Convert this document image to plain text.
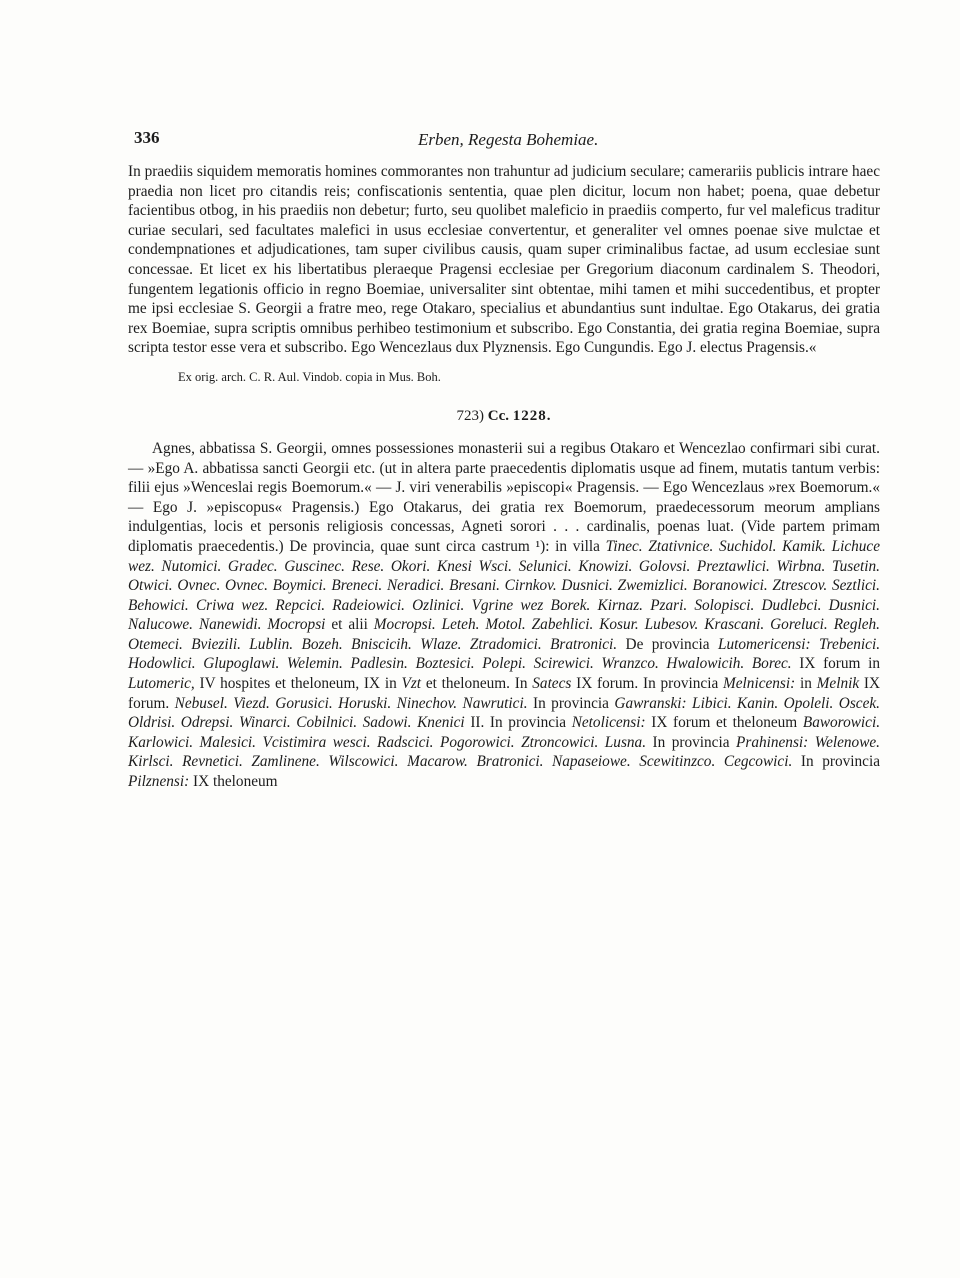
336	Erben, Regesta Bohemiae.

In praediis siquidem memoratis homines commorantes non trahuntur ad judicium seculare; camerariis publicis intrare haec praedia non licet pro citandis reis; confiscationis sententia, quae plen dicitur, locum non habet; poena, quae debetur facientibus otbog, in his praediis non debetur; furto, seu quolibet maleficio in praediis comperto, fur vel maleficus traditur curiae seculari, sed facultates malefici in usus ecclesiae convertentur, et generaliter vel omnes poenae sive mulctae et condempnationes et adjudicationes, tam super civilibus causis, quam super criminalibus factae, ad usum ecclesiae sunt concessae. Et licet ex his libertatibus pleraeque Pragensi ecclesiae per Gregorium diaconum cardinalem S. Theodori, fungentem legationis officio in regno Boemiae, universaliter sint obtentae, mihi tamen et mihi succedentibus, et propter me ipsi ecclesiae S. Georgii a fratre meo, rege Otakaro, specialius et abundantius sunt indultae. Ego Otakarus, dei gratia rex Boemiae, supra scriptis omnibus perhibeo testimonium et subscribo. Ego Constantia, dei gratia regina Boemiae, supra scripta testor esse vera et subscribo. Ego Wencezlaus dux Plyznensis. Ego Cungundis. Ego J. electus Pragensis.«

Ex orig. arch. C. R. Aul. Vindob. copia in Mus. Boh.
723) Cc. 1228.

Agnes, abbatissa S. Georgii, omnes possessiones monasterii sui a regibus Otakaro et Wencezlao confirmari sibi curat. — »Ego A. abbatissa sancti Georgii etc. (ut in altera parte praecedentis diplomatis usque ad finem, mutatis tantum verbis: filii ejus »Wenceslai regis Boemorum.« — J. viri venerabilis »episcopi« Pragensis. — Ego Wencezlaus »rex Boemorum.« — Ego J. »episcopus« Pragensis.) Ego Otakarus, dei gratia rex Boemorum, praedecessorum meorum amplians indulgentias, locis et personis religiosis concessas, Agneti sorori . . . cardinalis, poenas luat. (Vide partem primam diplomatis praecedentis.) De provincia, quae sunt circa castrum ¹): in villa Tinec. Ztativnice. Suchidol. Kamik. Lichuce wez. Nutomici. Gradec. Guscinec. Rese. Okori. Knesi Wsci. Selunici. Knowizi. Golovsi. Preztawlici. Wirbna. Tusetin. Otwici. Ovnec. Ovnec. Boymici. Breneci. Neradici. Bresani. Cirnkov. Dusnici. Zwemizlici. Boranowici. Ztrescov. Seztlici. Behowici. Criwa wez. Repcici. Radeiowici. Ozlinici. Vgrine wez Borek. Kirnaz. Pzari. Solopisci. Dudlebci. Dusnici. Nalucowe. Nanewidi. Mocropsi et alii Mocropsi. Leteh. Motol. Zabehlici. Kosur. Lubesov. Krascani. Goreluci. Regleh. Otemeci. Bviezili. Lublin. Bozeh. Bniscicih. Wlaze. Ztradomici. Bratronici. De provincia Lutomericensi: Trebenici. Hodowlici. Glupoglawi. Welemin. Padlesin. Boztesici. Polepi. Scirewici. Wranzco. Hwalowicih. Borec. IX forum in Lutomeric, IV hospites et theloneum, IX in Vzt et theloneum. In Satecs IX forum. In provincia Melnicensi: in Melnik IX forum. Nebusel. Viezd. Gorusici. Horuski. Ninechov. Nawrutici. In provincia Gawranski: Libici. Kanin. Opoleli. Oscek. Oldrisi. Odrepsi. Winarci. Cobilnici. Sadowi. Knenici II. In provincia Netolicensi: IX forum et theloneum Baworowici. Karlowici. Malesici. Vcistimira wesci. Radscici. Pogorowici. Ztroncowici. Lusna. In provincia Prahinensi: Welenowe. Kirlsci. Revnetici. Zamlinene. Wilscowici. Macarow. Bratronici. Napaseiowe. Scewitinzco. Cegcowici. In provincia Pilznensi: IX theloneum
